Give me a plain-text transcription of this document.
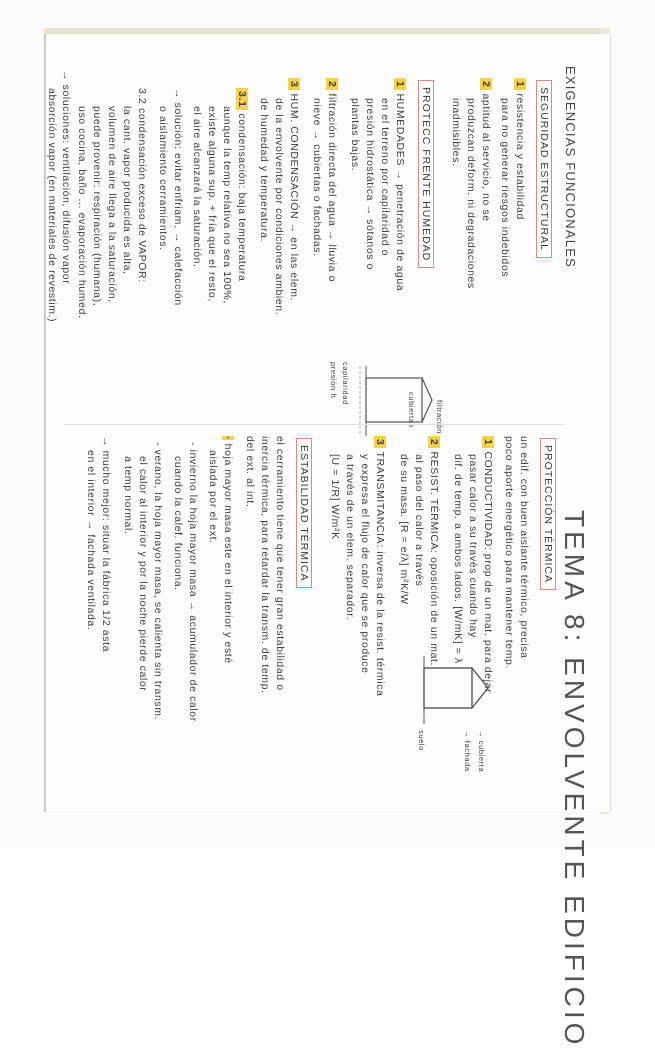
TEMA 8: ENVOLVENTE EDIFICIO
EXIGENCIAS FUNCIONALES
SEGURIDAD ESTRUCTURAL
1resistencia y estabilidad
para no generar riesgos indebidos
2aptitud al servicio, no se
produzcan deform. ni degradaciones
inadmisibles.
PROTECC FRENTE HUMEDAD
1HUMEDADES → penetración de agua
en el terreno por capilaridad o
presión hidrostática → sótanos o
plantas bajas.
2filtración directa del agua → lluvia o
nieve → cubiertas o fachadas.
3HUM. CONDENSACIÓN → en las elem.
de la envolvente por condiciones ambien.
de humedad y temperatura.
3.1condensación: baja temperatura
aunque la temp relativa no sea 100%,
existe alguna sup. + fría que el resto,
el aire alcanzará la saturación.
→ solución: evitar enfriam. → calefacción
o aislamiento cerramientos.
3.2 condensación exceso de VAPOR:
la cant. vapor producida es alta,
volumen de aire llega a la saturación,
puede provenir: respiración (humana),
uso cocina, baño ... evaporación humed.
→ soluciones: ventilación, difusión vapor
absorción vapor (en materiales de revestim.)
capilaridad
presión h
filtración
cubiertas
PROTECCIÓN TÉRMICA
un edif. con buen aislante térmico, precisa
poco aporte energético para mantener temp.
1CONDUCTIVIDAD: prop de un mat. para dejar
pasar calor a su través cuando hay
dif. de temp. a ambos lados. [W/mK] = λ
2RESIST. TÉRMICA: oposición de un mat.
al paso del calor a través
de su masa. [R = e/λ] m²K/W
3TRANSMITANCIA: inversa de la resist. térmica
y expresa el flujo de calor que se produce
a través de un elem. separador.
[U = 1/R] W/m²K
ESTABILIDAD TÉRMICA
el cerramiento tiene que tener gran estabilidad o
inercia térmica, para retardar la transm. de temp.
del ext. al int.
- hoja mayor masa este en el interior y esté
aislada por el ext.
- invierno la hoja mayor masa → acumulador de calor
cuando la calef. funciona.
- verano, la hoja mayor masa, se calienta sin transm.
el calor al interior y por la noche pierde calor
a temp normal.
→ mucho mejor: situar la fábrica 1/2 asta
en el interior → fachada ventilada.
→ cubierta
→ fachada
suelo
